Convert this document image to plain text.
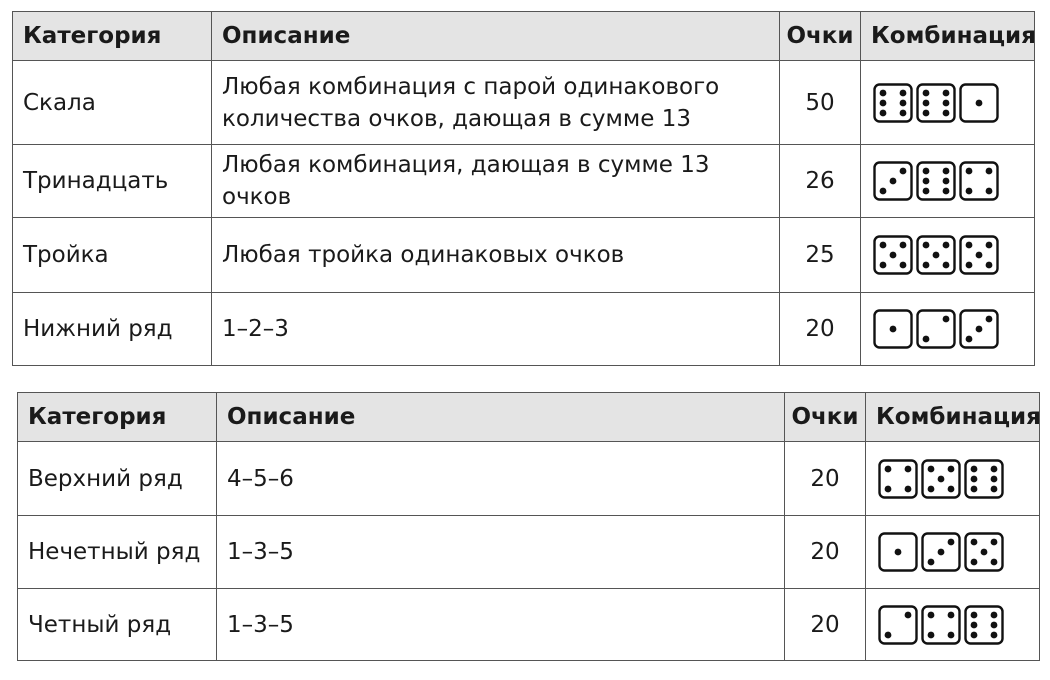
Категория	Описание	Очки	Комбинация
Скала	Любая комбинация с парой одинакового количества очков, дающая в сумме 13	50	
Тринадцать	Любая комбинация, дающая в сумме 13 очков	26	
Тройка	Любая тройка одинаковых очков	25	
Нижний ряд	1–2–3	20	
Категория	Описание	Очки	Комбинация
Верхний ряд	4–5–6	20	
Нечетный ряд	1–3–5	20	
Четный ряд	1–3–5	20	
